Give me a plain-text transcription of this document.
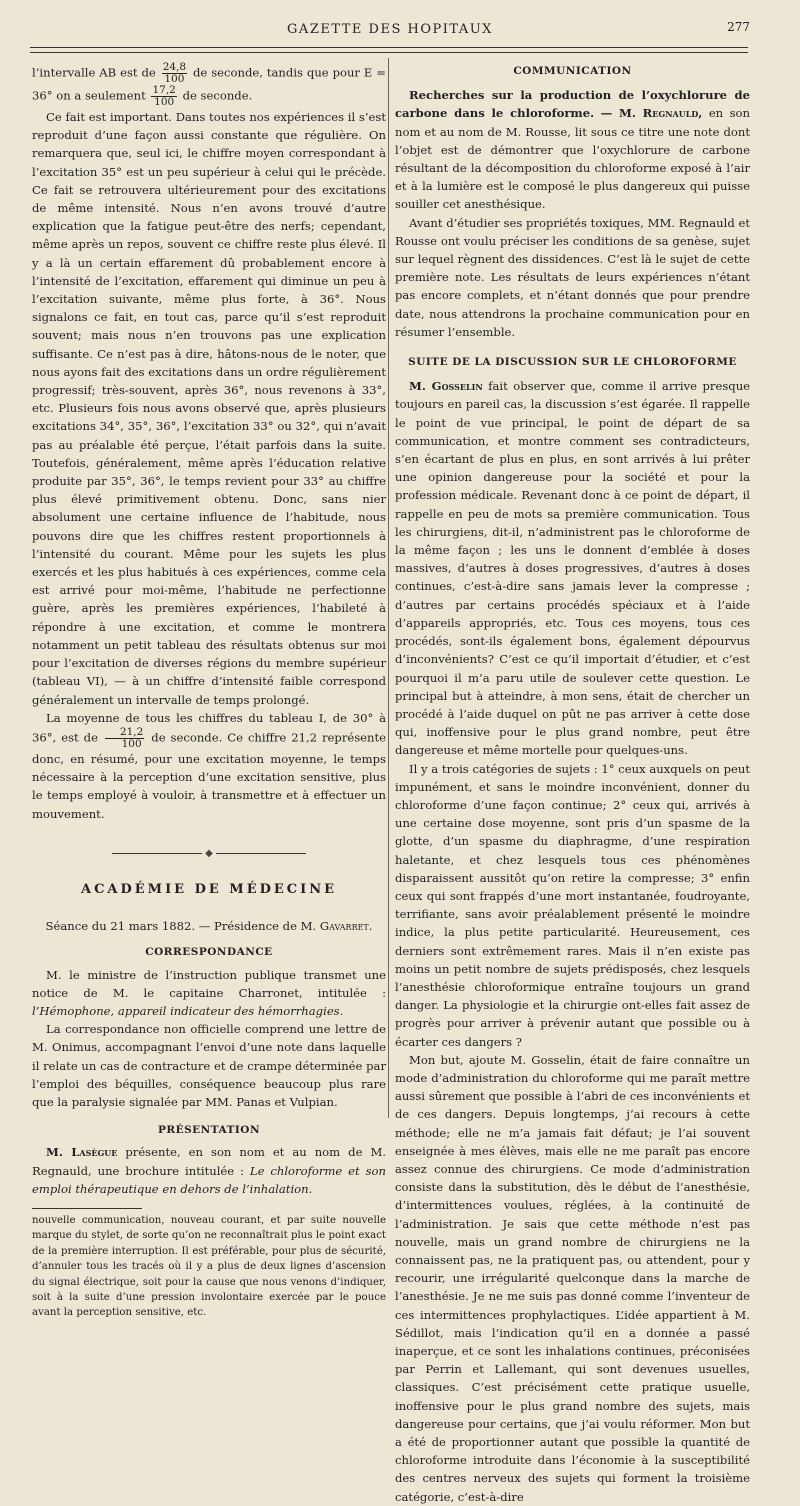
GAZETTE DES HOPITAUX	277

l’intervalle AB est de $\frac{24,8}{100}$ de seconde, tandis que pour E = 36° on a seulement $\frac{17,2}{100}$ de seconde.

Ce fait est important. Dans toutes nos expériences il s’est reproduit d’une façon aussi constante que régulière. On remarquera que, seul ici, le chiffre moyen correspondant à l’excitation 35° est un peu supérieur à celui qui le précède. Ce fait se retrouvera ultérieurement pour des excitations de même intensité. Nous n’en avons trouvé d’autre explication que la fatigue peut-être des nerfs; cependant, même après un repos, souvent ce chiffre reste plus élevé. Il y a là un certain effarement dû probablement encore à l’intensité de l’excitation, effarement qui diminue un peu à l’excitation suivante, même plus forte, à 36°. Nous signalons ce fait, en tout cas, parce qu’il s’est reproduit souvent; mais nous n’en trouvons pas une explication suffisante. Ce n’est pas à dire, hâtons-nous de le noter, que nous ayons fait des excitations dans un ordre régulièrement progressif; très-souvent, après 36°, nous revenons à 33°, etc. Plusieurs fois nous avons observé que, après plusieurs excitations 34°, 35°, 36°, l’excitation 33° ou 32°, qui n’avait pas au préalable été perçue, l’était parfois dans la suite. Toutefois, généralement, même après l’éducation relative produite par 35°, 36°, le temps revient pour 33° au chiffre plus élevé primitivement obtenu. Donc, sans nier absolument une certaine influence de l’habitude, nous pouvons dire que les chiffres restent proportionnels à l’intensité du courant. Même pour les sujets les plus exercés et les plus habitués à ces expériences, comme cela est arrivé pour moi-même, l’habitude ne perfectionne guère, après les premières expériences, l’habileté à répondre à une excitation, et comme le montrera notamment un petit tableau des résultats obtenus sur moi pour l’excitation de diverses régions du membre supérieur (tableau VI), — à un chiffre d’intensité faible correspond généralement un intervalle de temps prolongé.

La moyenne de tous les chiffres du tableau I, de 30° à 36°, est de $\frac{21,2}{100}$ de seconde. Ce chiffre 21,2 représente donc, en résumé, pour une excitation moyenne, le temps nécessaire à la perception d’une excitation sensitive, plus le temps employé à vouloir, à transmettre et à effectuer un mouvement.

◆
ACADÉMIE DE MÉDECINE

Séance du 21 mars 1882. — Présidence de M. Gavarret.

CORRESPONDANCE

M. le ministre de l’instruction publique transmet une notice de M. le capitaine Charronet, intitulée : l’Hémophone, appareil indicateur des hémorrhagies.

La correspondance non officielle comprend une lettre de M. Onimus, accompagnant l’envoi d’une note dans laquelle il relate un cas de contracture et de crampe déterminée par l’emploi des béquilles, conséquence beaucoup plus rare que la paralysie signalée par MM. Panas et Vulpian.

PRÉSENTATION

M. Lasègue présente, en son nom et au nom de M. Regnauld, une brochure intitulée : Le chloroforme et son emploi thérapeutique en dehors de l’inhalation.

nouvelle communication, nouveau courant, et par suite nouvelle marque du stylet, de sorte qu’on ne reconnaîtrait plus le point exact de la première interruption. Il est préférable, pour plus de sécurité, d’annuler tous les tracés où il y a plus de deux lignes d’ascension du signal électrique, soit pour la cause que nous venons d’indiquer, soit à la suite d’une pression involontaire exercée par le pouce avant la perception sensitive, etc.

COMMUNICATION

Recherches sur la production de l’oxychlorure de carbone dans le chloroforme. — M. Regnauld, en son nom et au nom de M. Rousse, lit sous ce titre une note dont l’objet est de démontrer que l’oxychlorure de carbone résultant de la décomposition du chloroforme exposé à l’air et à la lumière est le composé le plus dangereux qui puisse souiller cet anesthésique.

Avant d’étudier ses propriétés toxiques, MM. Regnauld et Rousse ont voulu préciser les conditions de sa genèse, sujet sur lequel règnent des dissidences. C’est là le sujet de cette première note. Les résultats de leurs expériences n’étant pas encore complets, et n’étant donnés que pour prendre date, nous attendrons la prochaine communication pour en résumer l’ensemble.

SUITE DE LA DISCUSSION SUR LE CHLOROFORME

M. Gosselin fait observer que, comme il arrive presque toujours en pareil cas, la discussion s’est égarée. Il rappelle le point de vue principal, le point de départ de sa communication, et montre comment ses contradicteurs, s’en écartant de plus en plus, en sont arrivés à lui prêter une opinion dangereuse pour la société et pour la profession médicale. Revenant donc à ce point de départ, il rappelle en peu de mots sa première communication. Tous les chirurgiens, dit-il, n’administrent pas le chloroforme de la même façon ; les uns le donnent d’emblée à doses massives, d’autres à doses progressives, d’autres à doses continues, c’est-à-dire sans jamais lever la compresse ; d’autres par certains procédés spéciaux et à l’aide d’appareils appropriés, etc. Tous ces moyens, tous ces procédés, sont-ils également bons, également dépourvus d’inconvénients? C’est ce qu’il importait d’étudier, et c’est pourquoi il m’a paru utile de soulever cette question. Le principal but à atteindre, à mon sens, était de chercher un procédé à l’aide duquel on pût ne pas arriver à cette dose qui, inoffensive pour le plus grand nombre, peut être dangereuse et même mortelle pour quelques-uns.

Il y a trois catégories de sujets : 1° ceux auxquels on peut impunément, et sans le moindre inconvénient, donner du chloroforme d’une façon continue; 2° ceux qui, arrivés à une certaine dose moyenne, sont pris d’un spasme de la glotte, d’un spasme du diaphragme, d’une respiration haletante, et chez lesquels tous ces phénomènes disparaissent aussitôt qu’on retire la compresse; 3° enfin ceux qui sont frappés d’une mort instantanée, foudroyante, terrifiante, sans avoir préalablement présenté le moindre indice, la plus petite particularité. Heureusement, ces derniers sont extrêmement rares. Mais il n’en existe pas moins un petit nombre de sujets prédisposés, chez lesquels l’anesthésie chloroformique entraîne toujours un grand danger. La physiologie et la chirurgie ont-elles fait assez de progrès pour arriver à prévenir autant que possible ou à écarter ces dangers ?

Mon but, ajoute M. Gosselin, était de faire connaître un mode d’administration du chloroforme qui me paraît mettre aussi sûrement que possible à l’abri de ces inconvénients et de ces dangers. Depuis longtemps, j’ai recours à cette méthode; elle ne m’a jamais fait défaut; je l’ai souvent enseignée à mes élèves, mais elle ne me paraît pas encore assez connue des chirurgiens. Ce mode d’administration consiste dans la substitution, dès le début de l’anesthésie, d’intermittences voulues, réglées, à la continuité de l’administration. Je sais que cette méthode n’est pas nouvelle, mais un grand nombre de chirurgiens ne la connaissent pas, ne la pratiquent pas, ou attendent, pour y recourir, une irrégularité quelconque dans la marche de l’anesthésie. Je ne me suis pas donné comme l’inventeur de ces intermittences prophylactiques. L’idée appartient à M. Sédillot, mais l’indication qu’il en a donnée a passé inaperçue, et ce sont les inhalations continues, préconisées par Perrin et Lallemant, qui sont devenues usuelles, classiques. C’est précisément cette pratique usuelle, inoffensive pour le plus grand nombre des sujets, mais dangereuse pour certains, que j’ai voulu réformer. Mon but a été de proportionner autant que possible la quantité de chloroforme introduite dans l’économie à la susceptibilité des centres nerveux des sujets qui forment la troisième catégorie, c’est-à-dire
